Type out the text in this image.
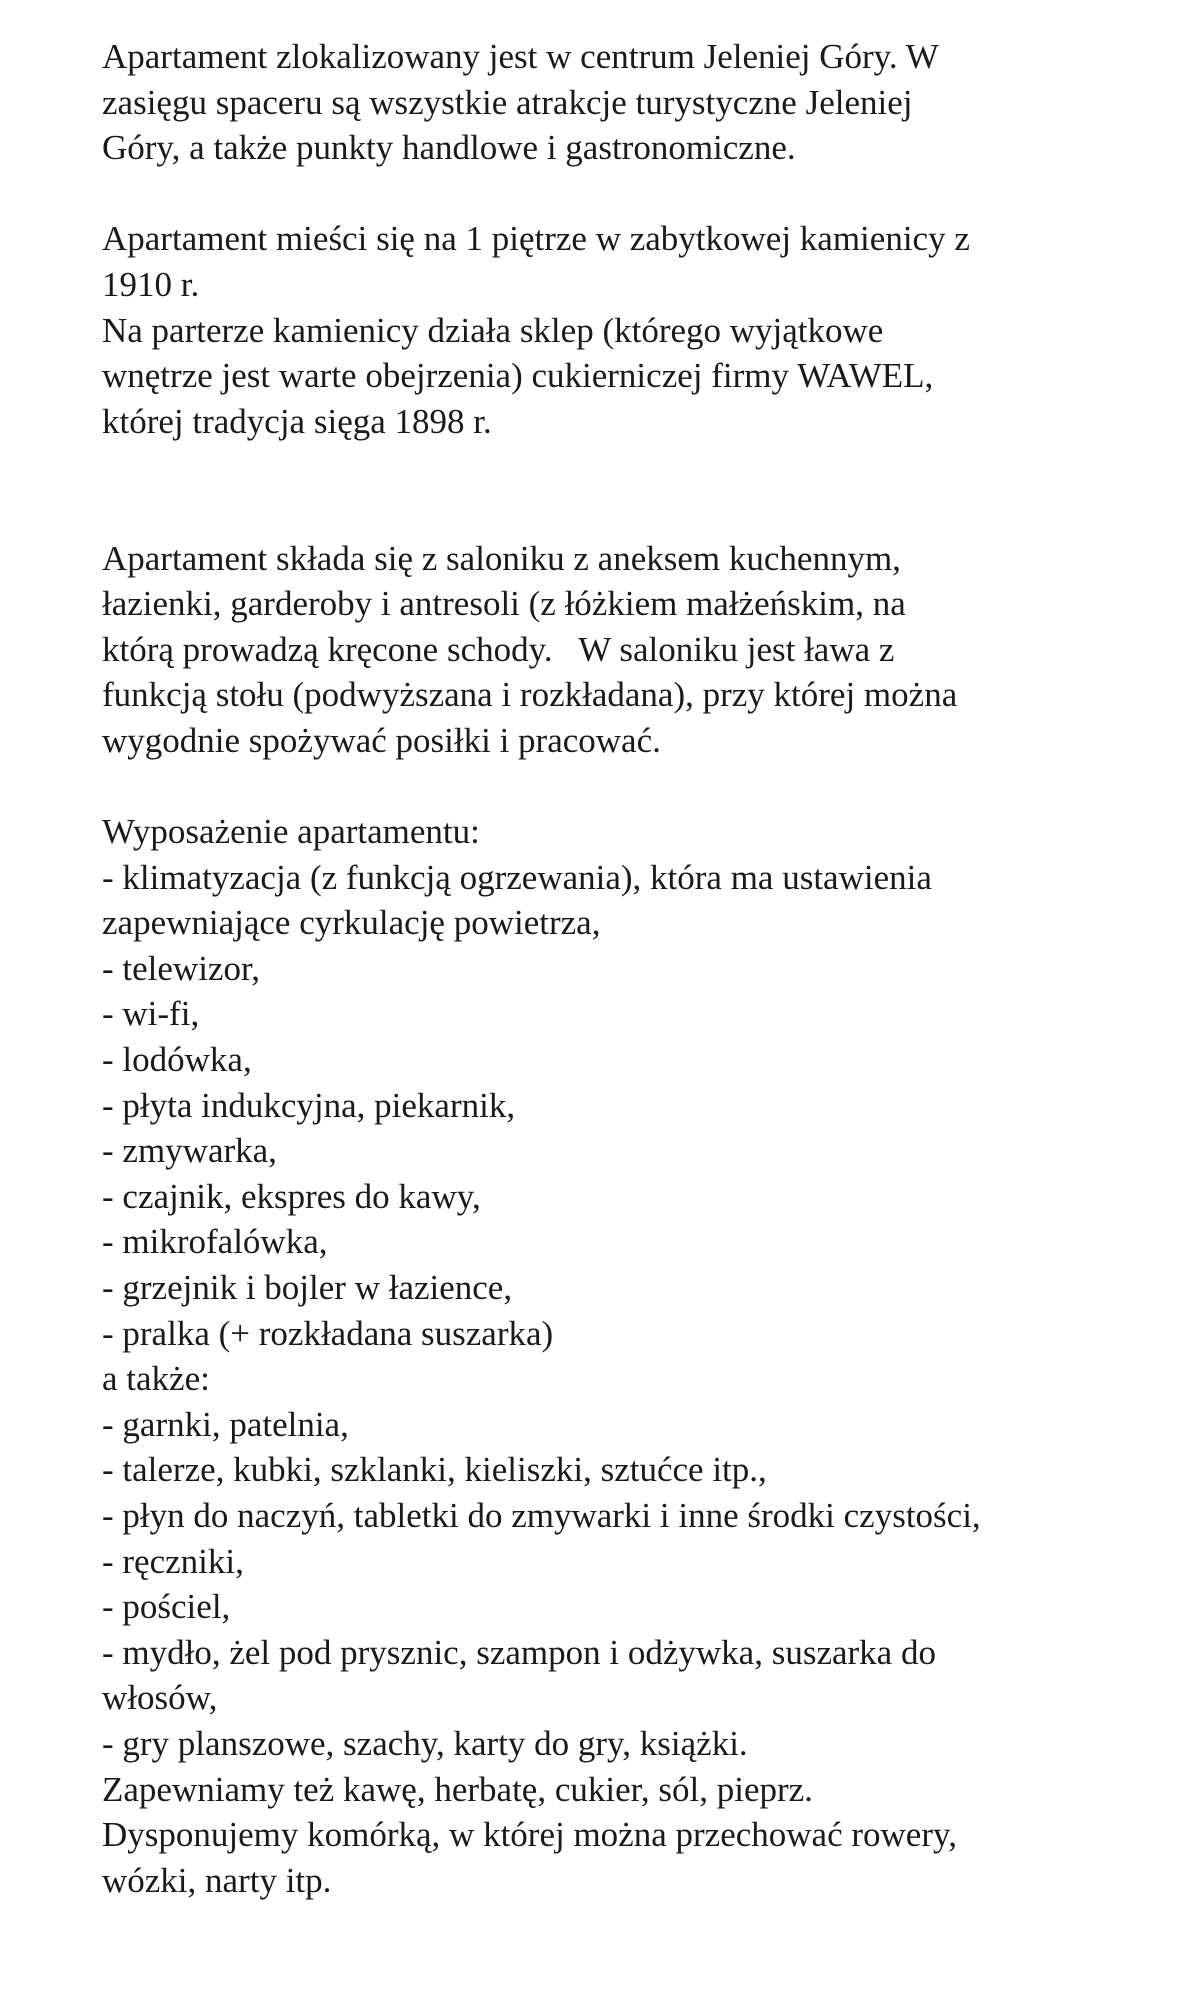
Apartament zlokalizowany jest w centrum Jeleniej Góry. W
zasięgu spaceru są wszystkie atrakcje turystyczne Jeleniej
Góry, a także punkty handlowe i gastronomiczne.
Apartament mieści się na 1 piętrze w zabytkowej kamienicy z
1910 r.
Na parterze kamienicy działa sklep (którego wyjątkowe
wnętrze jest warte obejrzenia) cukierniczej firmy WAWEL,
której tradycja sięga 1898 r.
Apartament składa się z saloniku z aneksem kuchennym,
łazienki, garderoby i antresoli (z łóżkiem małżeńskim, na
którą prowadzą kręcone schody.   W saloniku jest ława z
funkcją stołu (podwyższana i rozkładana), przy której można
wygodnie spożywać posiłki i pracować.
Wyposażenie apartamentu:
- klimatyzacja (z funkcją ogrzewania), która ma ustawienia
zapewniające cyrkulację powietrza,
- telewizor,
- wi-fi,
- lodówka,
- płyta indukcyjna, piekarnik,
- zmywarka,
- czajnik, ekspres do kawy,
- mikrofalówka,
- grzejnik i bojler w łazience,
- pralka (+ rozkładana suszarka)
a także:
- garnki, patelnia,
- talerze, kubki, szklanki, kieliszki, sztućce itp.,
- płyn do naczyń, tabletki do zmywarki i inne środki czystości,
- ręczniki,
- pościel,
- mydło, żel pod prysznic, szampon i odżywka, suszarka do
włosów,
- gry planszowe, szachy, karty do gry, książki.
Zapewniamy też kawę, herbatę, cukier, sól, pieprz.
Dysponujemy komórką, w której można przechować rowery,
wózki, narty itp.
